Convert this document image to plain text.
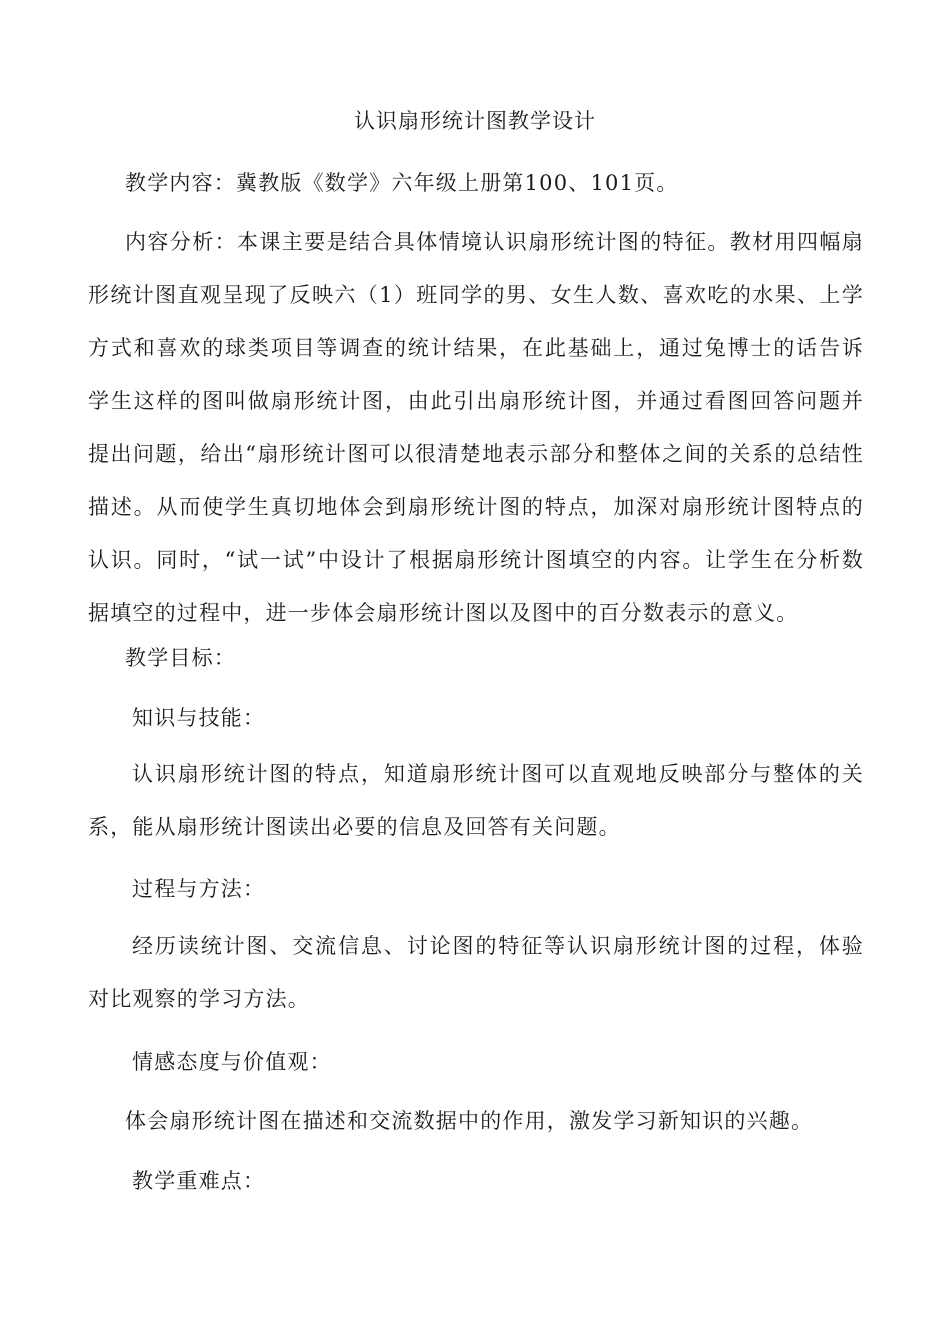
认识扇形统计图教学设计

教学内容：冀教版《数学》六年级上册第100、101页。

内容分析：本课主要是结合具体情境认识扇形统计图的特征。教材用四幅扇形统计图直观呈现了反映六（1）班同学的男、女生人数、喜欢吃的水果、上学方式和喜欢的球类项目等调查的统计结果，在此基础上，通过兔博士的话告诉学生这样的图叫做扇形统计图，由此引出扇形统计图，并通过看图回答问题并提出问题，给出“扇形统计图可以很清楚地表示部分和整体之间的关系的总结性描述。从而使学生真切地体会到扇形统计图的特点，加深对扇形统计图特点的认识。同时，“试一试”中设计了根据扇形统计图填空的内容。让学生在分析数据填空的过程中，进一步体会扇形统计图以及图中的百分数表示的意义。

教学目标：

知识与技能：

认识扇形统计图的特点，知道扇形统计图可以直观地反映部分与整体的关系，能从扇形统计图读出必要的信息及回答有关问题。

过程与方法：

经历读统计图、交流信息、讨论图的特征等认识扇形统计图的过程，体验对比观察的学习方法。

情感态度与价值观：

体会扇形统计图在描述和交流数据中的作用，激发学习新知识的兴趣。

教学重难点：
